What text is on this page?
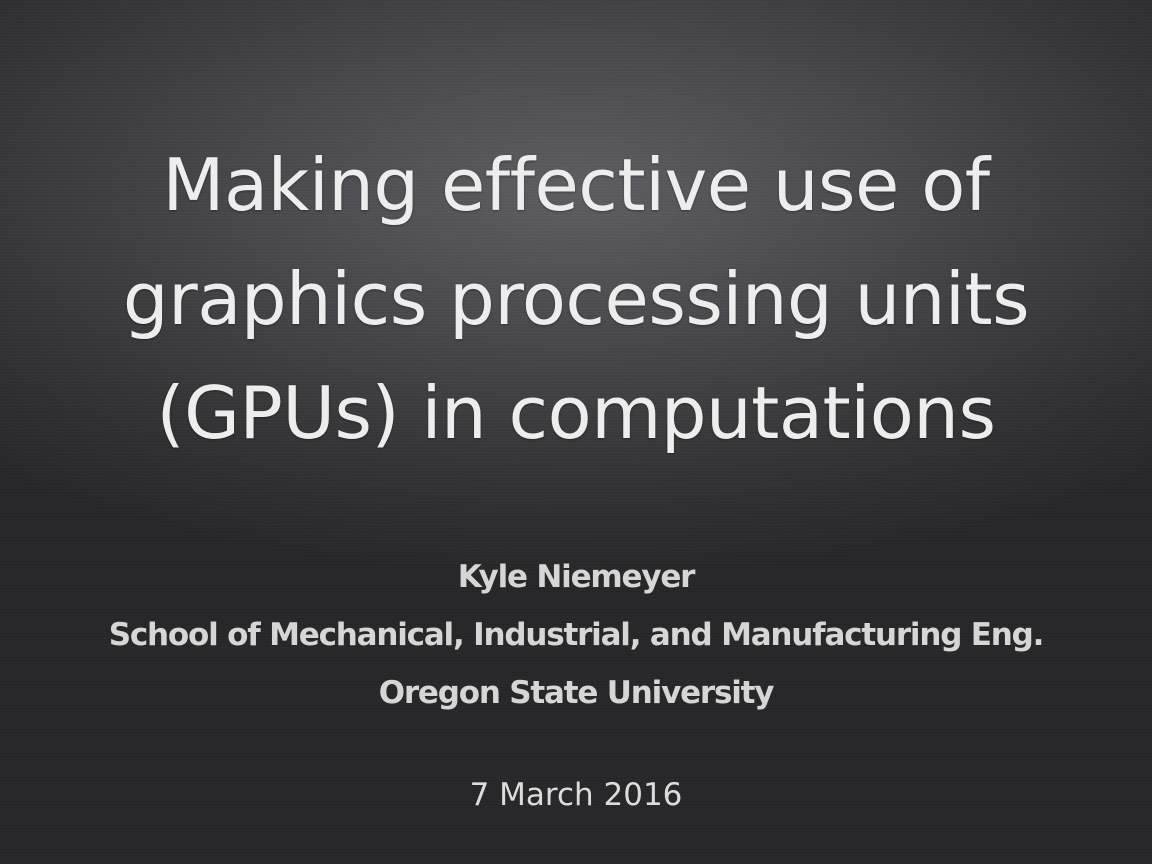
Making effective use of
graphics processing units
(GPUs) in computations
Kyle Niemeyer
School of Mechanical, Industrial, and Manufacturing Eng.
Oregon State University
7 March 2016
